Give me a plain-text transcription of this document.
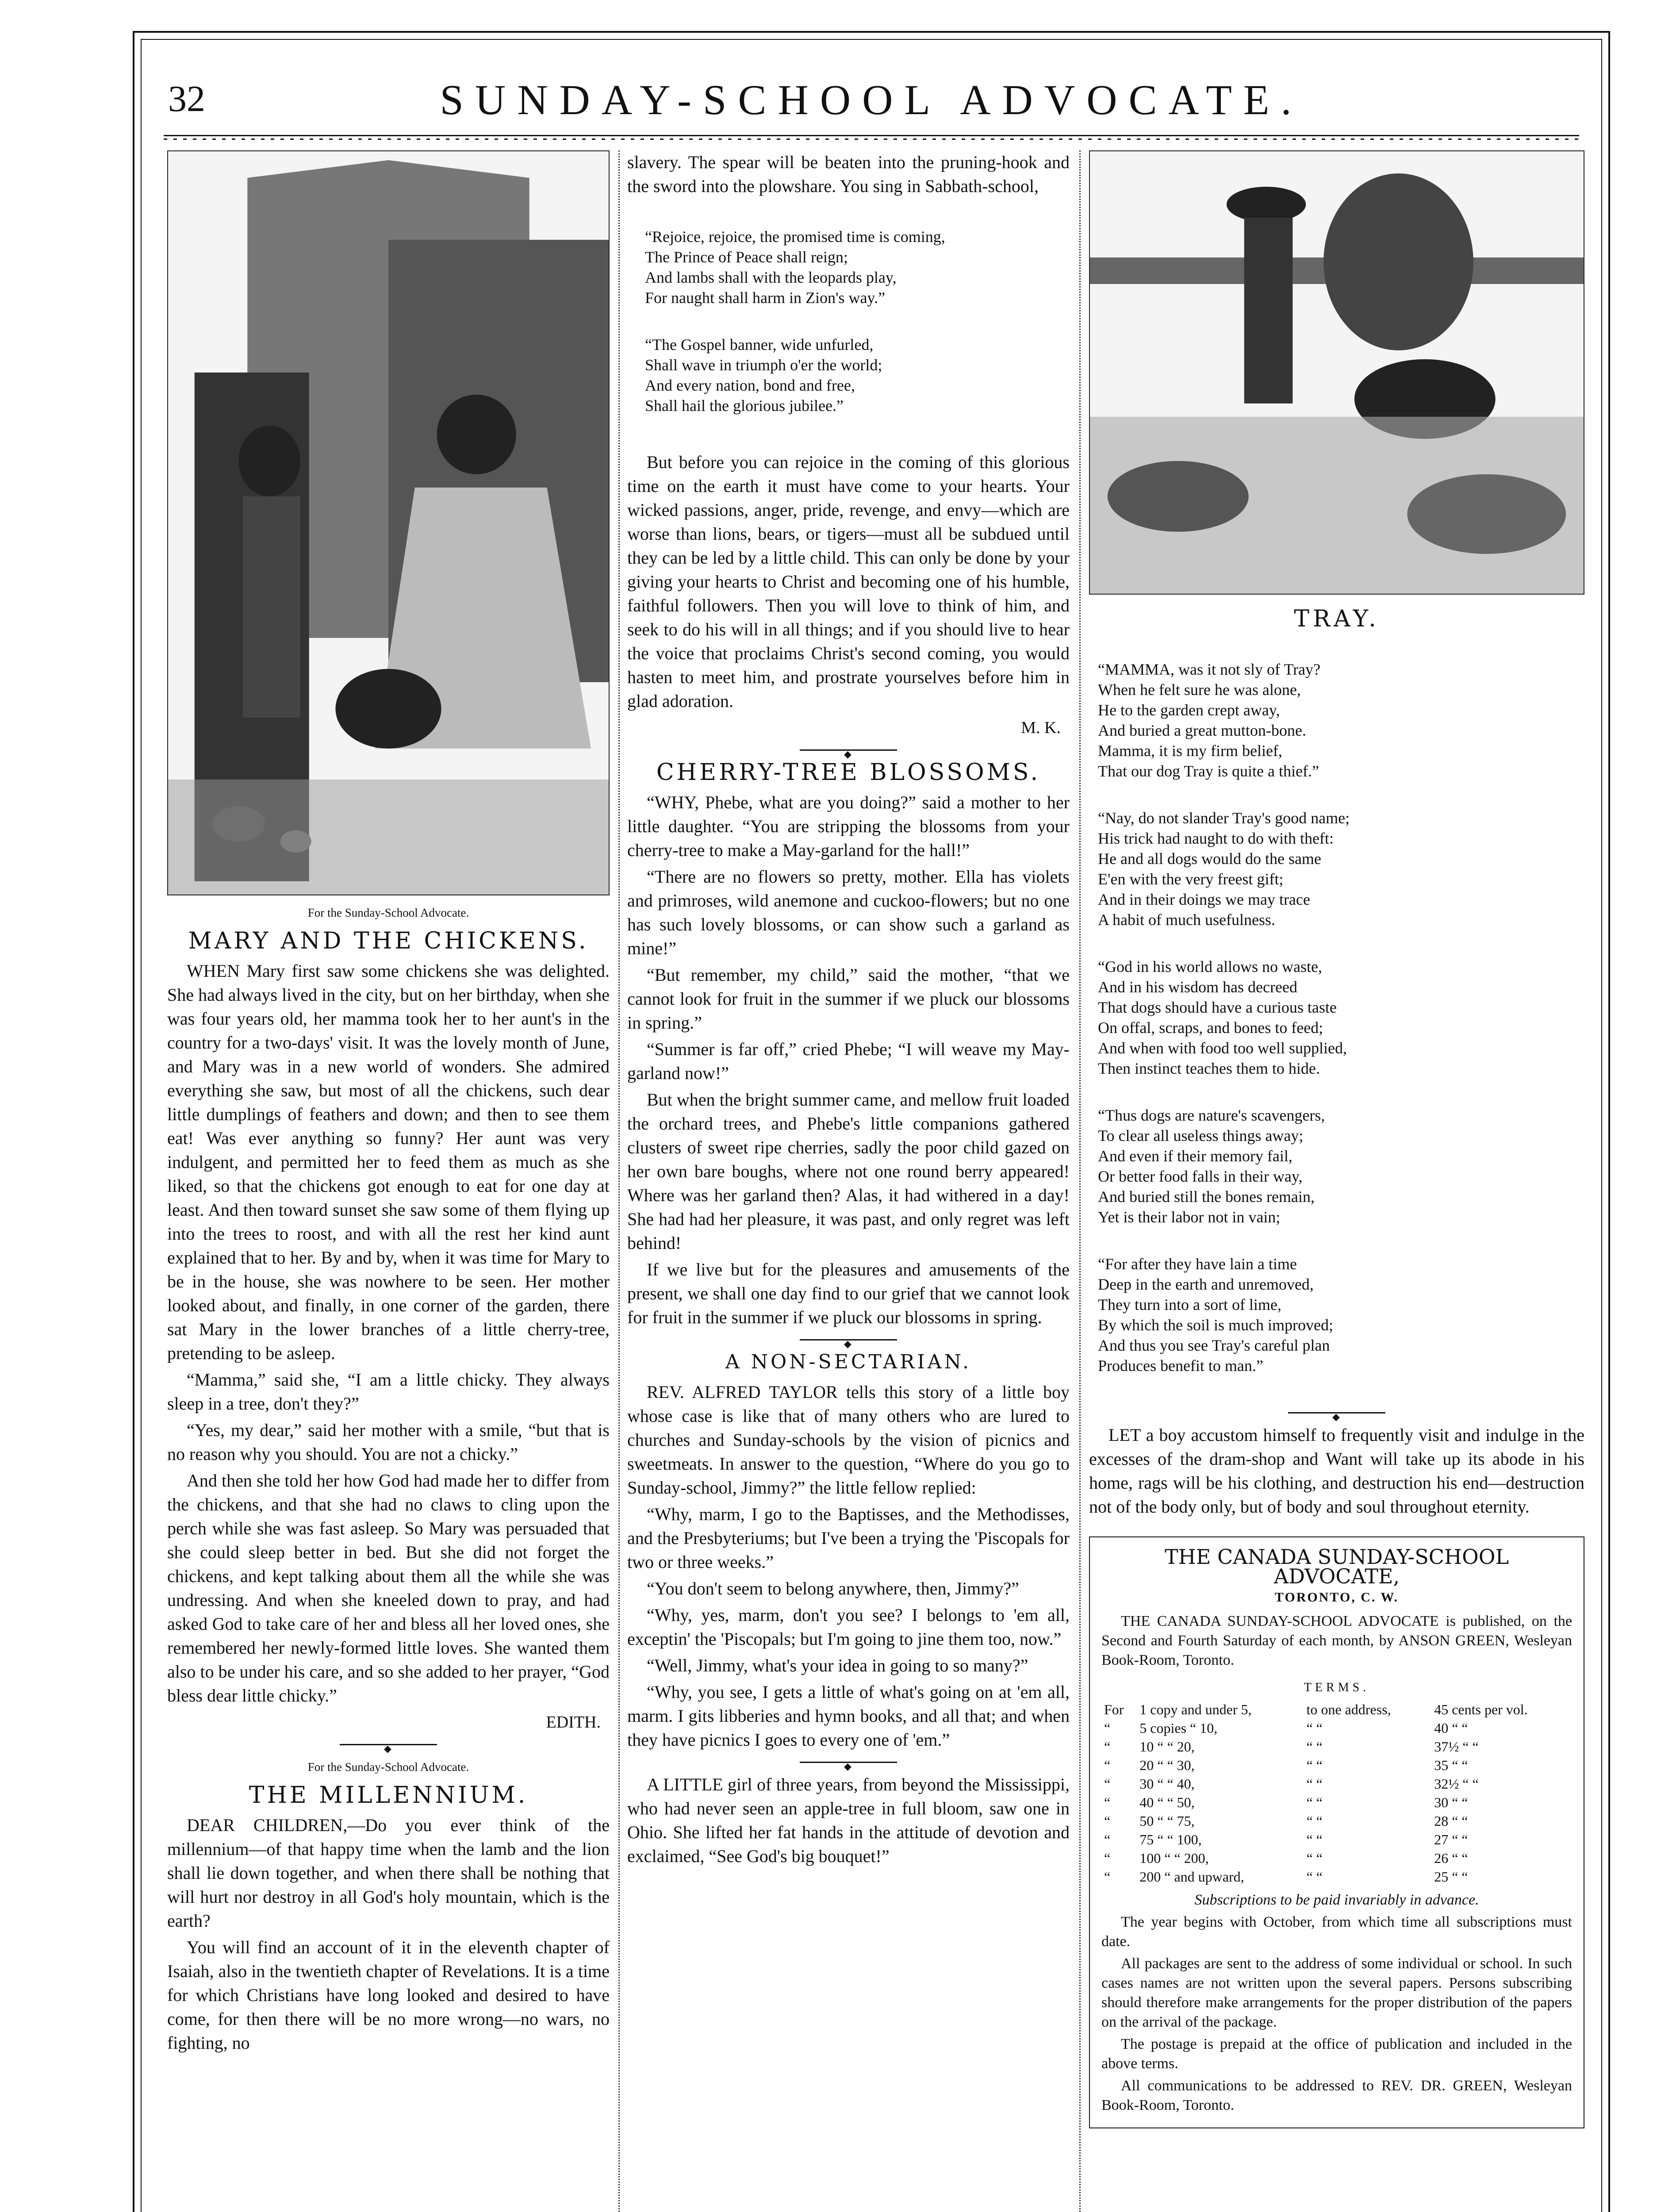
32	SUNDAY-SCHOOL ADVOCATE.
For the Sunday-School Advocate.
MARY AND THE CHICKENS.

WHEN Mary first saw some chickens she was delighted. She had always lived in the city, but on her birthday, when she was four years old, her mamma took her to her aunt's in the country for a two-days' visit. It was the lovely month of June, and Mary was in a new world of wonders. She admired everything she saw, but most of all the chickens, such dear little dumplings of feathers and down; and then to see them eat! Was ever anything so funny? Her aunt was very indulgent, and permitted her to feed them as much as she liked, so that the chickens got enough to eat for one day at least. And then toward sunset she saw some of them flying up into the trees to roost, and with all the rest her kind aunt explained that to her. By and by, when it was time for Mary to be in the house, she was nowhere to be seen. Her mother looked about, and finally, in one corner of the garden, there sat Mary in the lower branches of a little cherry-tree, pretending to be asleep.

“Mamma,” said she, “I am a little chicky. They always sleep in a tree, don't they?”

“Yes, my dear,” said her mother with a smile, “but that is no reason why you should. You are not a chicky.”

And then she told her how God had made her to differ from the chickens, and that she had no claws to cling upon the perch while she was fast asleep. So Mary was persuaded that she could sleep better in bed. But she did not forget the chickens, and kept talking about them all the while she was undressing. And when she kneeled down to pray, and had asked God to take care of her and bless all her loved ones, she remembered her newly-formed little loves. She wanted them also to be under his care, and so she added to her prayer, “God bless dear little chicky.”

EDITH.
◆
For the Sunday-School Advocate.
THE MILLENNIUM.

DEAR CHILDREN,—Do you ever think of the millennium—of that happy time when the lamb and the lion shall lie down together, and when there shall be nothing that will hurt nor destroy in all God's holy mountain, which is the earth?

You will find an account of it in the eleventh chapter of Isaiah, also in the twentieth chapter of Revelations. It is a time for which Christians have long looked and desired to have come, for then there will be no more wrong—no wars, no fighting, no

slavery. The spear will be beaten into the pruning-hook and the sword into the plowshare. You sing in Sabbath-school,

“Rejoice, rejoice, the promised time is coming,
The Prince of Peace shall reign;
And lambs shall with the leopards play,
For naught shall harm in Zion's way.”

“The Gospel banner, wide unfurled,
Shall wave in triumph o'er the world;
And every nation, bond and free,
Shall hail the glorious jubilee.”

But before you can rejoice in the coming of this glorious time on the earth it must have come to your hearts. Your wicked passions, anger, pride, revenge, and envy—which are worse than lions, bears, or tigers—must all be subdued until they can be led by a little child. This can only be done by your giving your hearts to Christ and becoming one of his humble, faithful followers. Then you will love to think of him, and seek to do his will in all things; and if you should live to hear the voice that proclaims Christ's second coming, you would hasten to meet him, and prostrate yourselves before him in glad adoration.

M. K.
◆
CHERRY-TREE BLOSSOMS.

“WHY, Phebe, what are you doing?” said a mother to her little daughter. “You are stripping the blossoms from your cherry-tree to make a May-garland for the hall!”

“There are no flowers so pretty, mother. Ella has violets and primroses, wild anemone and cuckoo-flowers; but no one has such lovely blossoms, or can show such a garland as mine!”

“But remember, my child,” said the mother, “that we cannot look for fruit in the summer if we pluck our blossoms in spring.”

“Summer is far off,” cried Phebe; “I will weave my May-garland now!”

But when the bright summer came, and mellow fruit loaded the orchard trees, and Phebe's little companions gathered clusters of sweet ripe cherries, sadly the poor child gazed on her own bare boughs, where not one round berry appeared! Where was her garland then? Alas, it had withered in a day! She had had her pleasure, it was past, and only regret was left behind!

If we live but for the pleasures and amusements of the present, we shall one day find to our grief that we cannot look for fruit in the summer if we pluck our blossoms in spring.

◆
A NON-SECTARIAN.

REV. ALFRED TAYLOR tells this story of a little boy whose case is like that of many others who are lured to churches and Sunday-schools by the vision of picnics and sweetmeats. In answer to the question, “Where do you go to Sunday-school, Jimmy?” the little fellow replied:

“Why, marm, I go to the Baptisses, and the Methodisses, and the Presbyteriums; but I've been a trying the 'Piscopals for two or three weeks.”

“You don't seem to belong anywhere, then, Jimmy?”

“Why, yes, marm, don't you see? I belongs to 'em all, exceptin' the 'Piscopals; but I'm going to jine them too, now.”

“Well, Jimmy, what's your idea in going to so many?”

“Why, you see, I gets a little of what's going on at 'em all, marm. I gits libberies and hymn books, and all that; and when they have picnics I goes to every one of 'em.”

◆

A LITTLE girl of three years, from beyond the Mississippi, who had never seen an apple-tree in full bloom, saw one in Ohio. She lifted her fat hands in the attitude of devotion and exclaimed, “See God's big bouquet!”

TRAY.

“MAMMA, was it not sly of Tray?
When he felt sure he was alone,
He to the garden crept away,
And buried a great mutton-bone.
Mamma, it is my firm belief,
That our dog Tray is quite a thief.”

“Nay, do not slander Tray's good name;
His trick had naught to do with theft:
He and all dogs would do the same
E'en with the very freest gift;
And in their doings we may trace
A habit of much usefulness.

“God in his world allows no waste,
And in his wisdom has decreed
That dogs should have a curious taste
On offal, scraps, and bones to feed;
And when with food too well supplied,
Then instinct teaches them to hide.

“Thus dogs are nature's scavengers,
To clear all useless things away;
And even if their memory fail,
Or better food falls in their way,
And buried still the bones remain,
Yet is their labor not in vain;

“For after they have lain a time
Deep in the earth and unremoved,
They turn into a sort of lime,
By which the soil is much improved;
And thus you see Tray's careful plan
Produces benefit to man.”

◆

LET a boy accustom himself to frequently visit and indulge in the excesses of the dram-shop and Want will take up its abode in his home, rags will be his clothing, and destruction his end—destruction not of the body only, but of body and soul throughout eternity.

THE CANADA SUNDAY-SCHOOL ADVOCATE,
TORONTO, C. W.

THE CANADA SUNDAY-SCHOOL ADVOCATE is published, on the Second and Fourth Saturday of each month, by ANSON GREEN, Wesleyan Book-Room, Toronto.

TERMS.
For	1 copy and under 5,	to one address,	45 cents per vol.
“	5 copies “ 10,	“ “	40 “ “
“	10 “ “ 20,	“ “	37½ “ “
“	20 “ “ 30,	“ “	35 “ “
“	30 “ “ 40,	“ “	32½ “ “
“	40 “ “ 50,	“ “	30 “ “
“	50 “ “ 75,	“ “	28 “ “
“	75 “ “ 100,	“ “	27 “ “
“	100 “ “ 200,	“ “	26 “ “
“	200 “ and upward,	“ “	25 “ “

Subscriptions to be paid invariably in advance.

The year begins with October, from which time all subscriptions must date.

All packages are sent to the address of some individual or school. In such cases names are not written upon the several papers. Persons subscribing should therefore make arrangements for the proper distribution of the papers on the arrival of the package.

The postage is prepaid at the office of publication and included in the above terms.

All communications to be addressed to REV. DR. GREEN, Wesleyan Book-Room, Toronto.
